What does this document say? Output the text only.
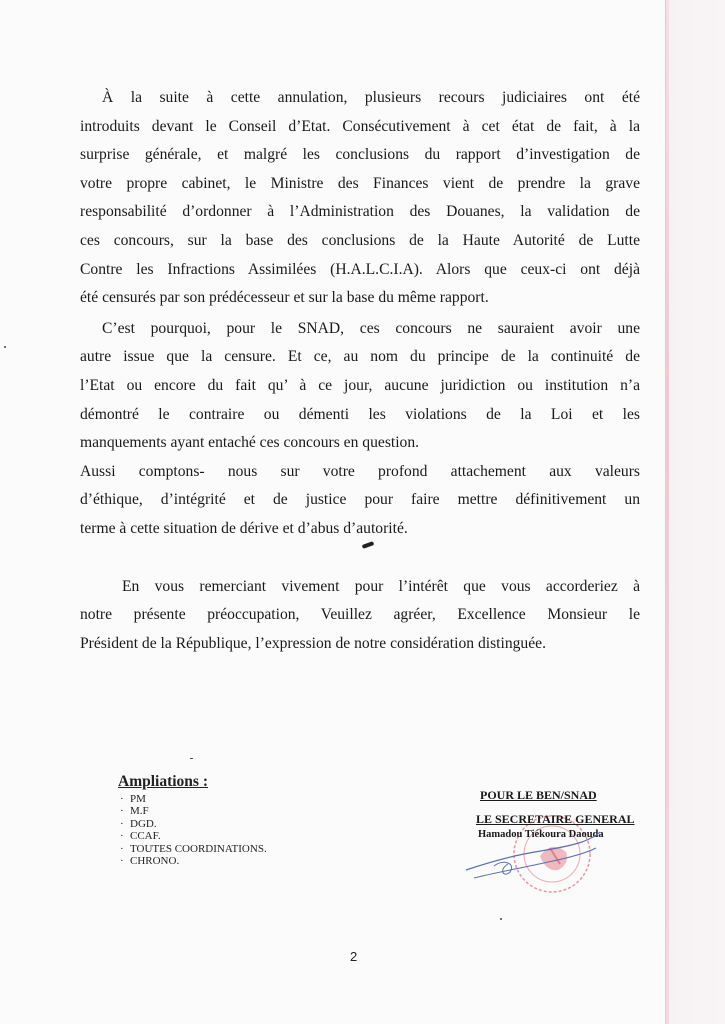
À la suite à cette annulation, plusieurs recours judiciaires ont été
introduits devant le Conseil d’Etat. Consécutivement à cet état de fait, à la
surprise générale, et malgré les conclusions du rapport d’investigation de
votre propre cabinet, le Ministre des Finances vient de prendre la grave
responsabilité d’ordonner à l’Administration des Douanes, la validation de
ces concours, sur la base des conclusions de la Haute Autorité de Lutte
Contre les Infractions Assimilées (H.A.L.C.I.A). Alors que ceux-ci ont déjà
été censurés par son prédécesseur et sur la base du même rapport.

C’est pourquoi, pour le SNAD, ces concours ne sauraient avoir une
autre issue que la censure. Et ce, au nom du principe de la continuité de
l’Etat ou encore du fait qu’ à ce jour, aucune juridiction ou institution n’a
démontré le contraire ou démenti les violations de la Loi et les
manquements ayant entaché ces concours en question.

Aussi comptons- nous sur votre profond attachement aux valeurs
d’éthique, d’intégrité et de justice pour faire mettre définitivement un
terme à cette situation de dérive et d’abus d’autorité.

En vous remerciant vivement pour l’intérêt que vous accorderiez à
notre présente préoccupation, Veuillez agréer, Excellence Monsieur le
Président de la République, l’expression de notre considération distinguée.

Ampliations :
· PM
· M.F
· DGD.
· CCAF.
· TOUTES COORDINATIONS.
· CHRONO.
POUR LE BEN/SNAD
LE SECRETAIRE GENERAL
Hamadou Tiékoura Daouda
2
